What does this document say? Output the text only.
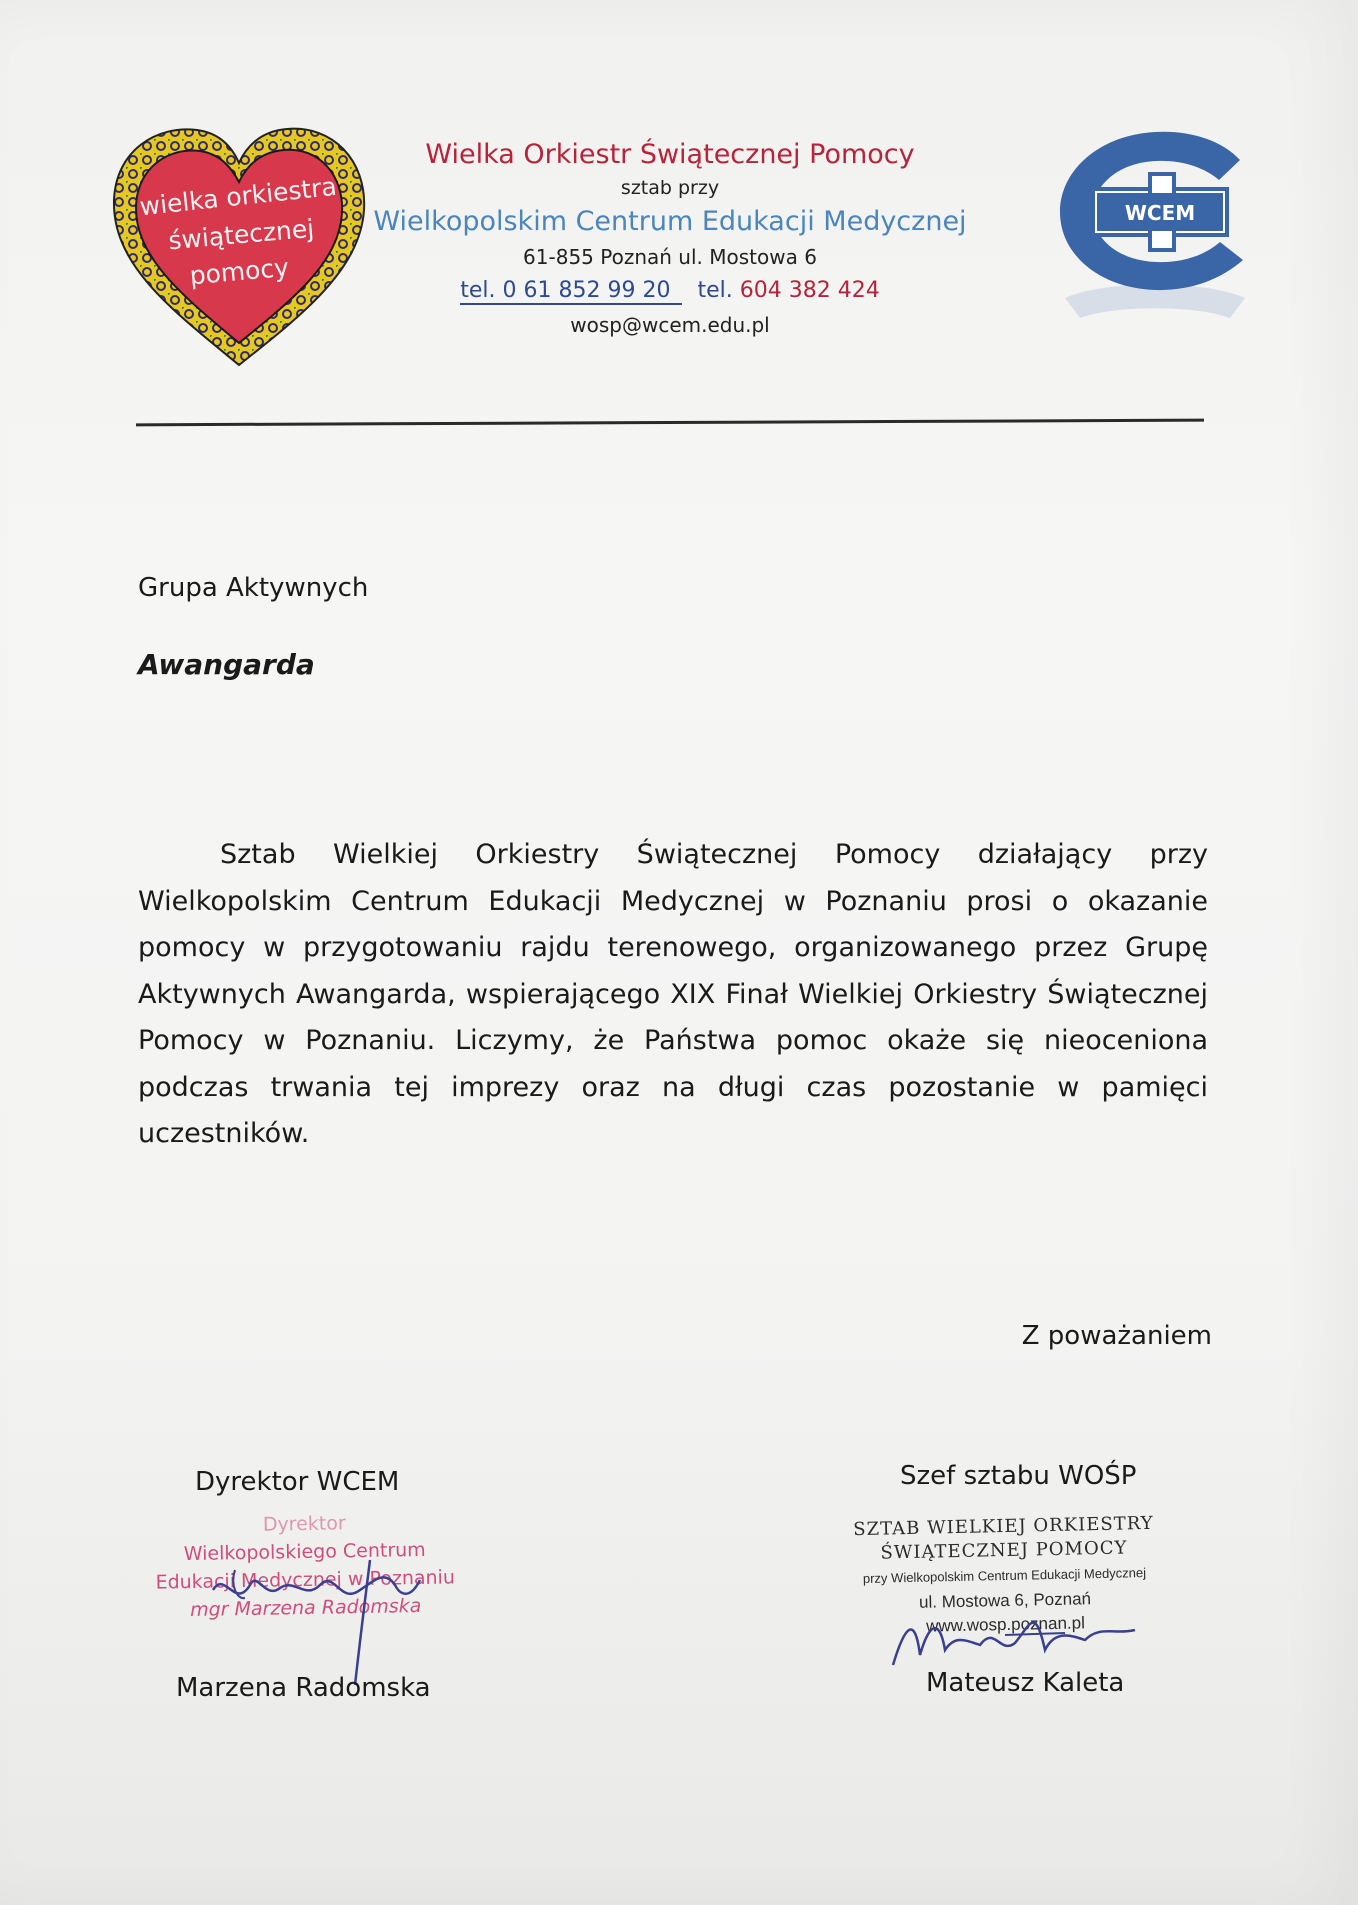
wielka orkiestra
świątecznej
pomocy
Wielka Orkiestr Świątecznej Pomocy
sztab przy
Wielkopolskim Centrum Edukacji Medycznej
61-855 Poznań ul. Mostowa 6
tel. 0 61 852 99 20 tel. 604 382 424
wosp@wcem.edu.pl
WCEM
Grupa Aktywnych
Awangarda
Sztab Wielkiej Orkiestry Świątecznej Pomocy działający przy Wielkopolskim Centrum Edukacji Medycznej w Poznaniu prosi o okazanie pomocy w przygotowaniu rajdu terenowego, organizowanego przez Grupę Aktywnych Awangarda, wspierającego XIX Finał Wielkiej Orkiestry Świątecznej Pomocy w Poznaniu. Liczymy, że Państwa pomoc okaże się nieoceniona podczas trwania tej imprezy oraz na długi czas pozostanie w pamięci uczestników.
Z poważaniem
Dyrektor WCEM
Dyrektor
Wielkopolskiego Centrum
Edukacji Medycznej w Poznaniu
mgr Marzena Radomska
Marzena Radomska
Szef sztabu WOŚP
SZTAB WIELKIEJ ORKIESTRY
ŚWIĄTECZNEJ POMOCY
przy Wielkopolskim Centrum Edukacji Medycznej
ul. Mostowa 6, Poznań
www.wosp.poznan.pl
Mateusz Kaleta
